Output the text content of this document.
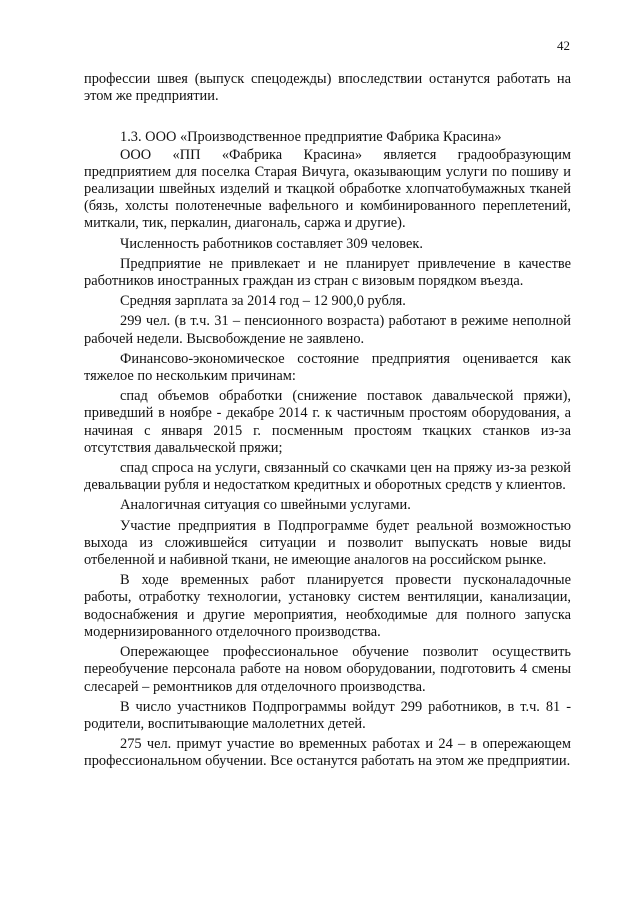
42

профессии швея (выпуск спецодежды) впоследствии останутся работать на этом же предприятии.

1.3. ООО «Производственное предприятие Фабрика Красина»

ООО «ПП «Фабрика Красина» является градообразующим предприятием для поселка Старая Вичуга, оказывающим услуги по пошиву и реализации швейных изделий и ткацкой обработке хлопчатобумажных тканей (бязь, холсты полотенечные вафельного и комбинированного переплетений, миткали, тик, перкалин, диагональ, саржа и другие).

Численность работников составляет 309 человек.

Предприятие не привлекает и не планирует привлечение в качестве работников иностранных граждан из стран с визовым порядком въезда.

Средняя зарплата за 2014 год – 12 900,0 рубля.

299 чел. (в т.ч. 31 – пенсионного возраста) работают в режиме неполной рабочей недели. Высвобождение не заявлено.

Финансово-экономическое состояние предприятия оценивается как тяжелое по нескольким причинам:

спад объемов обработки (снижение поставок давальческой пряжи), приведший в ноябре - декабре 2014 г. к частичным простоям оборудования, а начиная с января 2015 г. посменным простоям ткацких станков из-за отсутствия давальческой пряжи;

спад спроса на услуги, связанный со скачками цен на пряжу из-за резкой девальвации рубля и недостатком кредитных и оборотных средств у клиентов.

Аналогичная ситуация со швейными услугами.

Участие предприятия в Подпрограмме будет реальной возможностью выхода из сложившейся ситуации и позволит выпускать новые виды отбеленной и набивной ткани, не имеющие аналогов на российском рынке.

В ходе временных работ планируется провести пусконаладочные работы, отработку технологии, установку систем вентиляции, канализации, водоснабжения и другие мероприятия, необходимые для полного запуска модернизированного отделочного производства.

Опережающее профессиональное обучение позволит осуществить переобучение персонала работе на новом оборудовании, подготовить 4 смены слесарей – ремонтников для отделочного производства.

В число участников Подпрограммы войдут 299 работников, в т.ч. 81 - родители, воспитывающие малолетних детей.

275 чел. примут участие во временных работах и 24 – в опережающем профессиональном обучении. Все останутся работать на этом же предприятии.
